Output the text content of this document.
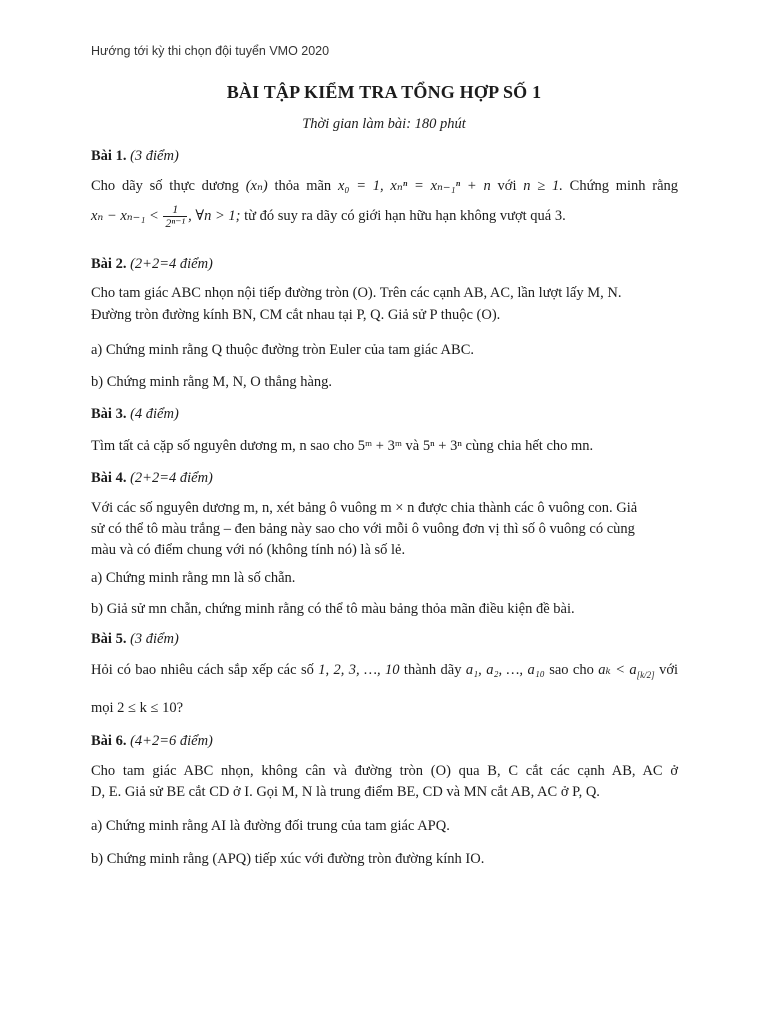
Hướng tới kỳ thi chọn đội tuyển VMO 2020
BÀI TẬP KIỂM TRA TỔNG HỢP SỐ 1
Thời gian làm bài: 180 phút
Bài 1. (3 điểm)
Cho dãy số thực dương (xₙ) thỏa mãn x₀ = 1, xₙⁿ = xₙ₋₁ⁿ + n với n ≥ 1. Chứng minh rằng
$x_n - x_{n-1} < \frac{1}{\text{2ⁿ⁻¹}}$ , ∀n > 1; từ đó suy ra dãy có giới hạn hữu hạn không vượt quá 3.
Bài 2. (2+2=4 điểm)
Cho tam giác ABC nhọn nội tiếp đường tròn (O). Trên các cạnh AB, AC, lần lượt lấy M, N.
Đường tròn đường kính BN, CM cắt nhau tại P, Q. Giả sử P thuộc (O).
a) Chứng minh rằng Q thuộc đường tròn Euler của tam giác ABC.
b) Chứng minh rằng M, N, O thẳng hàng.
Bài 3. (4 điểm)
Tìm tất cả cặp số nguyên dương m, n sao cho 5ᵐ + 3ᵐ và 5ⁿ + 3ⁿ cùng chia hết cho mn.
Bài 4. (2+2=4 điểm)
Với các số nguyên dương m, n, xét bảng ô vuông m × n được chia thành các ô vuông con. Giả
sử có thể tô màu trắng – đen bảng này sao cho với mỗi ô vuông đơn vị thì số ô vuông có cùng
màu và có điểm chung với nó (không tính nó) là số lẻ.
a) Chứng minh rằng mn là số chẵn.
b) Giả sử mn chẵn, chứng minh rằng có thể tô màu bảng thỏa mãn điều kiện đề bài.
Bài 5. (3 điểm)
Hỏi có bao nhiêu cách sắp xếp các số 1, 2, 3, …, 10 thành dãy a₁, a₂, …, a₁₀ sao cho $a_k < a_{[k/2]}$ với
mọi 2 ≤ k ≤ 10?
Bài 6. (4+2=6 điểm)
Cho tam giác ABC nhọn, không cân và đường tròn (O) qua B, C cắt các cạnh AB, AC ở
D, E. Giả sử BE cắt CD ở I. Gọi M, N là trung điểm BE, CD và MN cắt AB, AC ở P, Q.
a) Chứng minh rằng AI là đường đối trung của tam giác APQ.
b) Chứng minh rằng (APQ) tiếp xúc với đường tròn đường kính IO.
